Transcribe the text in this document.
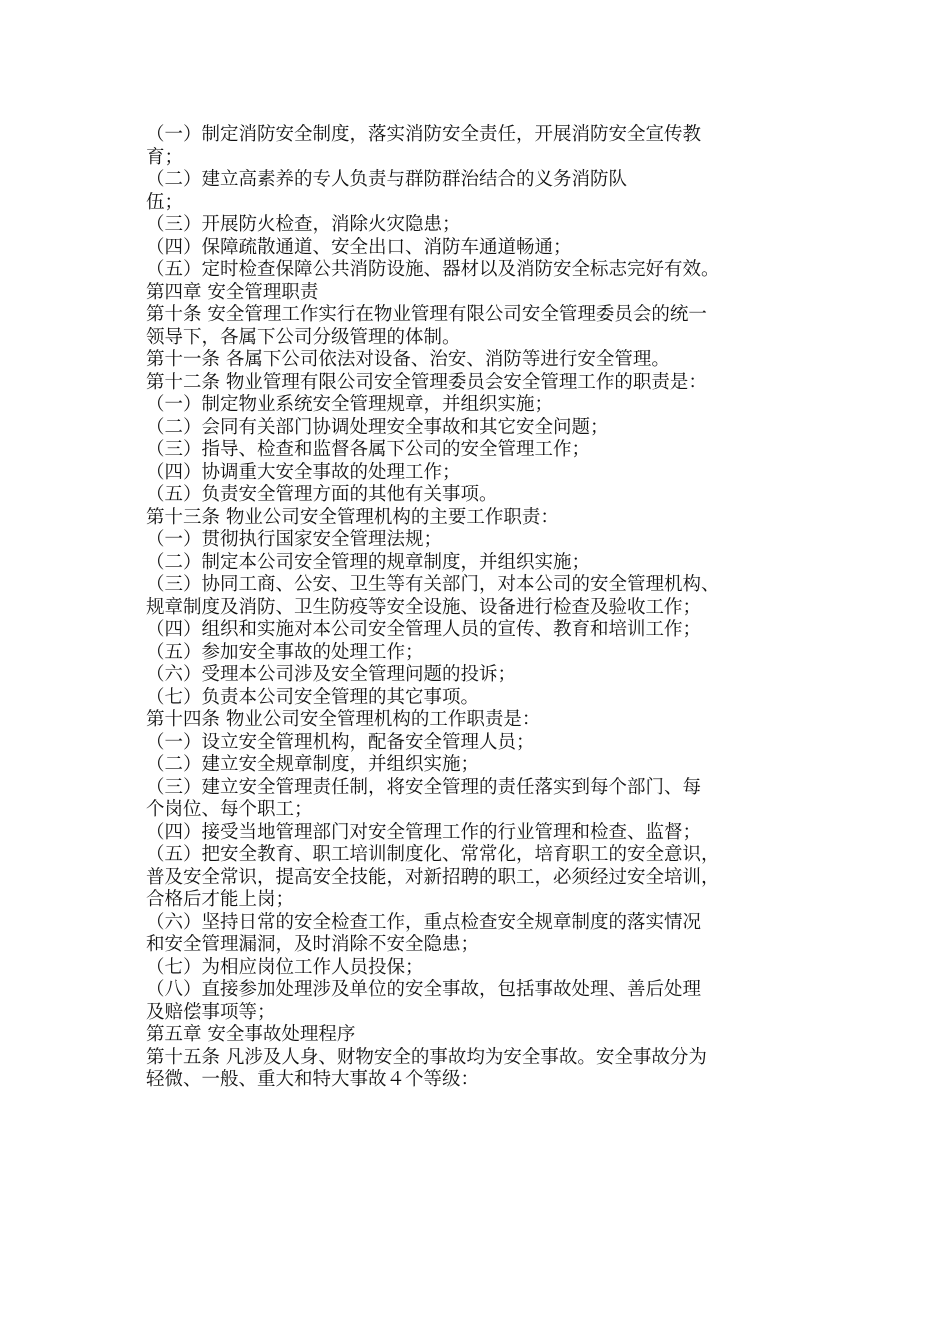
（一）制定消防安全制度，落实消防安全责任，开展消防安全宣传教

育；

（二）建立高素养的专人负责与群防群治结合的义务消防队

伍；

（三）开展防火检查，消除火灾隐患；

（四）保障疏散通道、安全出口、消防车通道畅通；

（五）定时检查保障公共消防设施、器材以及消防安全标志完好有效。

第四章 安全管理职责

第十条 安全管理工作实行在物业管理有限公司安全管理委员会的统一

领导下，各属下公司分级管理的体制。

第十一条 各属下公司依法对设备、治安、消防等进行安全管理。

第十二条 物业管理有限公司安全管理委员会安全管理工作的职责是：

（一）制定物业系统安全管理规章，并组织实施；

（二）会同有关部门协调处理安全事故和其它安全问题；

（三）指导、检查和监督各属下公司的安全管理工作；

（四）协调重大安全事故的处理工作；

（五）负责安全管理方面的其他有关事项。

第十三条 物业公司安全管理机构的主要工作职责：

（一）贯彻执行国家安全管理法规；

（二）制定本公司安全管理的规章制度，并组织实施；

（三）协同工商、公安、卫生等有关部门，对本公司的安全管理机构、

规章制度及消防、卫生防疫等安全设施、设备进行检查及验收工作；

（四）组织和实施对本公司安全管理人员的宣传、教育和培训工作；

（五）参加安全事故的处理工作；

（六）受理本公司涉及安全管理问题的投诉；

（七）负责本公司安全管理的其它事项。

第十四条 物业公司安全管理机构的工作职责是：

（一）设立安全管理机构，配备安全管理人员；

（二）建立安全规章制度，并组织实施；

（三）建立安全管理责任制，将安全管理的责任落实到每个部门、每

个岗位、每个职工；

（四）接受当地管理部门对安全管理工作的行业管理和检查、监督；

（五）把安全教育、职工培训制度化、常常化，培育职工的安全意识，

普及安全常识，提高安全技能，对新招聘的职工，必须经过安全培训，

合格后才能上岗；

（六）坚持日常的安全检查工作，重点检查安全规章制度的落实情况

和安全管理漏洞，及时消除不安全隐患；

（七）为相应岗位工作人员投保；

（八）直接参加处理涉及单位的安全事故，包括事故处理、善后处理

及赔偿事项等；

第五章 安全事故处理程序

第十五条 凡涉及人身、财物安全的事故均为安全事故。安全事故分为

轻微、一般、重大和特大事故４个等级：
